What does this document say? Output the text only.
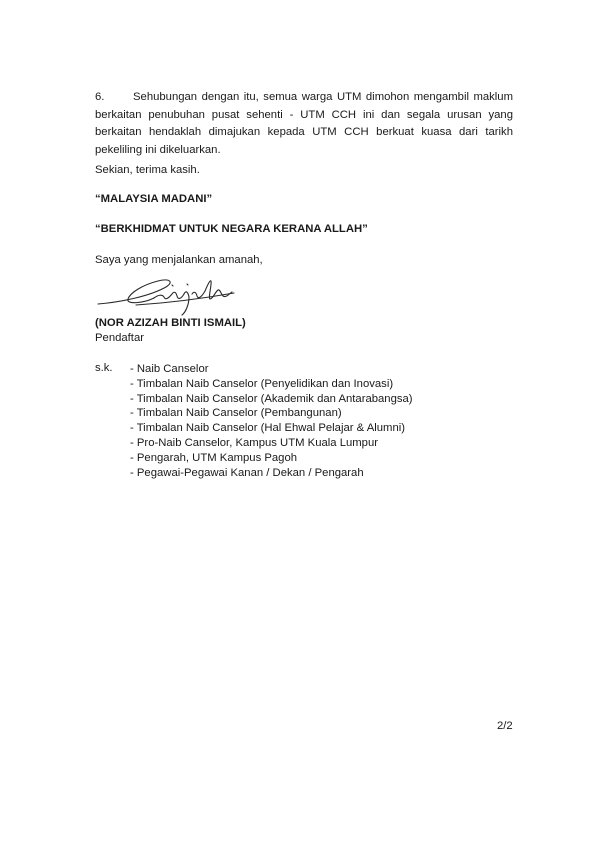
6.	Sehubungan dengan itu, semua warga UTM dimohon mengambil maklum berkaitan penubuhan pusat sehenti - UTM CCH ini dan segala urusan yang berkaitan hendaklah dimajukan kepada UTM CCH berkuat kuasa dari tarikh pekeliling ini dikeluarkan.
Sekian, terima kasih.
“MALAYSIA MADANI”
“BERKHIDMAT UNTUK NEGARA KERANA ALLAH”
Saya yang menjalankan amanah,
(NOR AZIZAH BINTI ISMAIL)
Pendaftar
s.k. - Naib Canselor
- Timbalan Naib Canselor (Penyelidikan dan Inovasi)
- Timbalan Naib Canselor (Akademik dan Antarabangsa)
- Timbalan Naib Canselor (Pembangunan)
- Timbalan Naib Canselor (Hal Ehwal Pelajar & Alumni)
- Pro-Naib Canselor, Kampus UTM Kuala Lumpur
- Pengarah, UTM Kampus Pagoh
- Pegawai-Pegawai Kanan / Dekan / Pengarah
2/2
